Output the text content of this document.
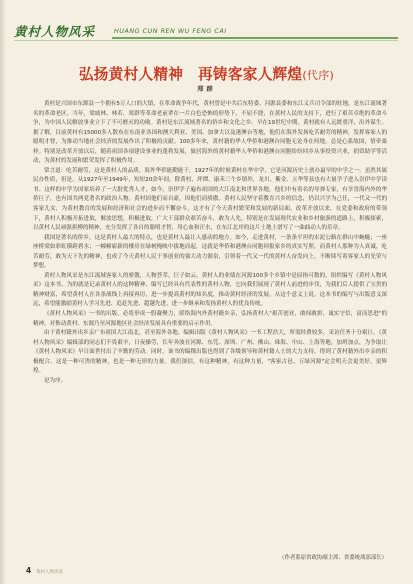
黄村人物风采	HUANG CUN REN WU FENG CAI
弘扬黄村人精神　再铸客家人辉煌(代序)
郑群

黄村是兴国市东源县一个拥有5万人口的大镇，在革命战争年代，黄村曾是中共后东特委、河源县委和东江义兵司令部的驻地，是东江流域著名的革命老区。当年，梁威林、林若、郑群等革命老前辈在一片白色恐怖的形势下，不屈不挠，在黄村人民的支持下，进行了艰苦卓绝的革命斗争，为中国人民解放事业立下了不可磨灭的功勋。黄村是东江流域著名的侨乡和文化之乡。早在19世纪中期，黄村就有人远渡重洋，出外谋生。据了解，目前黄村有15000多人散布在东南亚各国和澳大利亚、美国、加拿大以及港澳台等地，他们在海外发扬吃苦耐劳的精神，发挥客家人的聪明才智，为推动当地社会经济的发展作出了积极的贡献。100多年来，黄村籍的华人华侨和港澳台同胞无论身在何地，总是心系故国，情牵桑梓。特别是改革开放以后，随着祖国各项建设事业的蓬勃发展，旅居海外的黄村籍华人华侨和港澳台同胞纷纷回乡从事投资兴业，捐资助学等活动，为黄村的发展和繁荣发挥了积极作用。

常言道：吃苦耐劳，这是黄村人的品质。海外华侨能勤能干，1927年的时候黄村在华中学，它是河源历史上创办最早的中学之一。虽然其属民办性质，但是，从1927年至1949年，短短20余年间，除黄村、坪潭、康禾三个乡镇外，龙川、紫金、五华等县也有大量学子进入崇伊中学读书。这样的中学为国家培养了一大批优秀人才，如今，崇伊学子遍布祖国的大江南北和世界各地，他们中有着名的导弹专家，有享誉海内外的华侨巨子，也有国共两党著名的政治人物。黄村因他们而自豪，因他们而骄傲。黄村人民坚守着教育兴乡的信念，仍以兴学为己任，一代又一代的客家儿女，为黄村教育的发展和经济和社会的进步而不懈奋斗，这才有了今天黄村繁荣和发展的新局面。改革开放以来，在党委和政府的带领下，黄村人积极开拓进取，解放思想，积极进取，广大干部群众艰苦奋斗，敢为人先，特别是在发展现代农业和乡村旅游的道路上，积极探索，以黄村人民顽强拼搏的精神，充分发挥了各自的聪明才智，用心血和汗水，在东江北岸的这片土地上谱写了一曲曲动人的乐章。

我国是著名的侨乡，这是黄村人最大的特点，也是黄村人最让人感动的地方。如今，走进黄村，一条条平坦的水泥公路在群山中蜿蜒；一座座桥梁如彩虹横跨碧水；一幢幢崭新的楼房在绿树掩映中拔地而起。这就是华侨和港澳台同胞回报家乡的真实写照。而黄村人那种为人真诚，吃苦耐劳，敢为天下先的精神，也成了今天黄村人民干事创业的强大动力源泉，引领着一代又一代的黄村人奋发向上，不断续写着客家人的光荣与梦想。

黄村人物风采是东江流域客家人的骄傲，人物荟萃，巨子如云，黄村人的业绩在河源100多个乡镇中是屈指可数的。组织编写《黄村人物风采》这本书，为的就是记录黄村人的这种精神，编写已经具有代表性的黄村人物，它向我们展现了黄村人前进的步伐，为我们后人提供了宝贵的精神财富，希望黄村人在各条战线上再接再厉，进一步提高黄村的知名度，推动黄村经济的发展，从这个意义上说，这本书的编写与出版意义深远，希望能激励黄村人学习先进、追赶先进、超越先进，进一步继承和发扬黄村人的优良传统。

《黄村人物风采》一书的出版，必将形成一股凝聚力，联络海内外黄村籍乡亲，弘扬黄村人"艰苦创业，敢闯敢拼，诚实守信，富而思进"的精神，对推动黄村、东源乃至河源地区社会经济发展具有重要的启示作用。

由于黄村籍外出乡亲广布祖国大江南北，甚至海外各地，编辑出版《黄村人物风采》一书工程浩大，所需经费较多，采访任务十分艰巨。《黄村人物风采》编辑部的同志们不畏艰辛，日夜操劳，长年奔波在河源、东莞、深圳、广州、佛山、珠海、中山、上海等地，加班加点，为争取让《黄村人物风采》早日面世付出了辛勤的劳动。同时，该书的编撰出版也得到了各级领导和黄村籍人士的大力支持，得到了黄村籍外出乡亲的积极配合，这是一种可贵的精神，也是一种无形的力量。我们深信，有这种精神，有这种力量，"客家古邑、万绿河源"定会明天会更美好、更辉煌。

是为序。

（作者系原省政协副主席、省委统战部部长）
4 黄村人物风采
